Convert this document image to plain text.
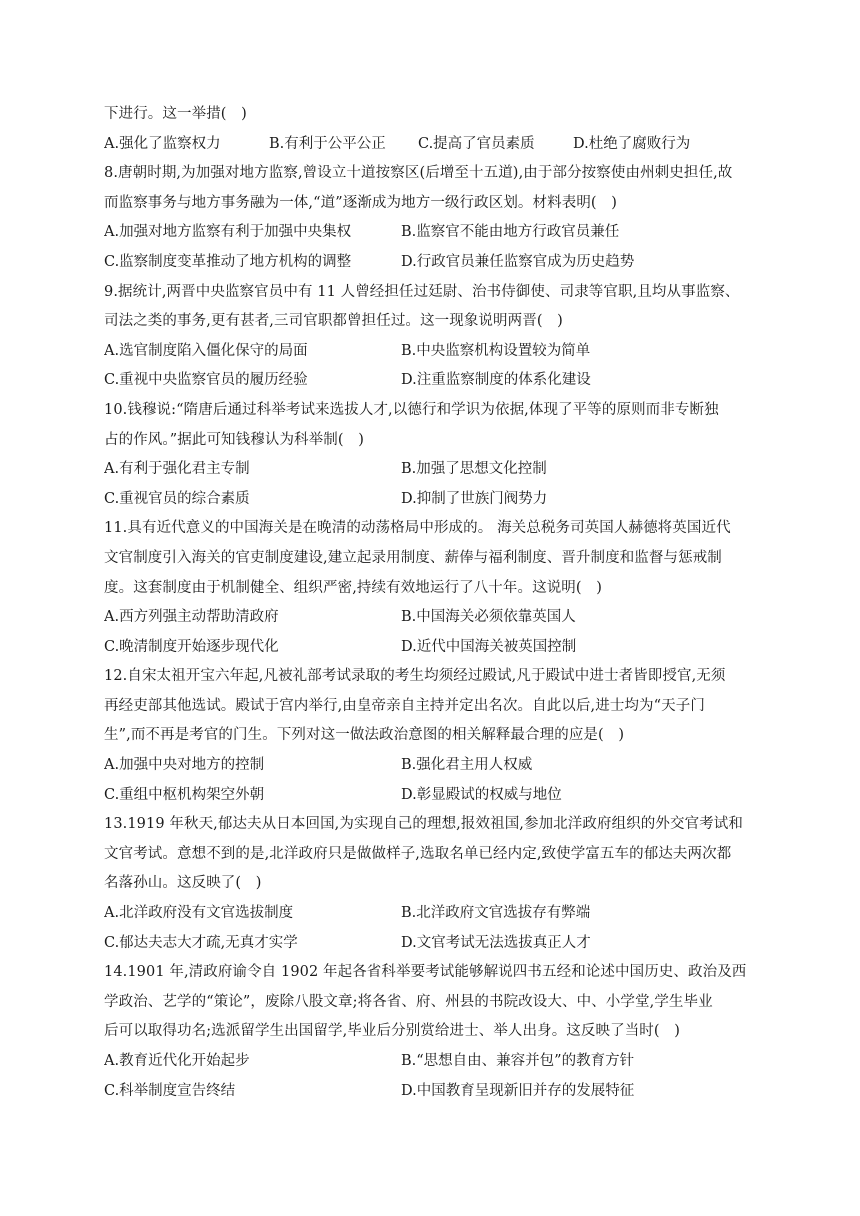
下进行。这一举措(　)
A.强化了监察权力	B.有利于公平公正	C.提高了官员素质	D.杜绝了腐败行为
8.唐朝时期,为加强对地方监察,曾设立十道按察区(后增至十五道),由于部分按察使由州刺史担任,故
而监察事务与地方事务融为一体,“道”逐渐成为地方一级行政区划。材料表明(　)
A.加强对地方监察有利于加强中央集权	B.监察官不能由地方行政官员兼任
C.监察制度变革推动了地方机构的调整	D.行政官员兼任监察官成为历史趋势
9.据统计,两晋中央监察官员中有 11 人曾经担任过廷尉、治书侍御使、司隶等官职,且均从事监察、
司法之类的事务,更有甚者,三司官职都曾担任过。这一现象说明两晋(　)
A.选官制度陷入僵化保守的局面	B.中央监察机构设置较为简单
C.重视中央监察官员的履历经验	D.注重监察制度的体系化建设
10.钱穆说:“隋唐后通过科举考试来选拔人才,以德行和学识为依据,体现了平等的原则而非专断独
占的作风。”据此可知钱穆认为科举制(　)
A.有利于强化君主专制	B.加强了思想文化控制
C.重视官员的综合素质	D.抑制了世族门阀势力
11.具有近代意义的中国海关是在晚清的动荡格局中形成的。 海关总税务司英国人赫德将英国近代
文官制度引入海关的官吏制度建设,建立起录用制度、薪俸与福利制度、晋升制度和监督与惩戒制
度。这套制度由于机制健全、组织严密,持续有效地运行了八十年。这说明(　)
A.西方列强主动帮助清政府	B.中国海关必须依靠英国人
C.晚清制度开始逐步现代化	D.近代中国海关被英国控制
12.自宋太祖开宝六年起,凡被礼部考试录取的考生均须经过殿试,凡于殿试中进士者皆即授官,无须
再经吏部其他选试。殿试于宫内举行,由皇帝亲自主持并定出名次。自此以后,进士均为“天子门
生”,而不再是考官的门生。下列对这一做法政治意图的相关解释最合理的应是(　)
A.加强中央对地方的控制	B.强化君主用人权威
C.重组中枢机构架空外朝	D.彰显殿试的权威与地位
13.1919 年秋天,郁达夫从日本回国,为实现自己的理想,报效祖国,参加北洋政府组织的外交官考试和
文官考试。意想不到的是,北洋政府只是做做样子,选取名单已经内定,致使学富五车的郁达夫两次都
名落孙山。这反映了(　)
A.北洋政府没有文官选拔制度	B.北洋政府文官选拔存有弊端
C.郁达夫志大才疏,无真才实学	D.文官考试无法选拔真正人才
14.1901 年,清政府谕令自 1902 年起各省科举要考试能够解说四书五经和论述中国历史、政治及西
学政治、艺学的“策论”，废除八股文章;将各省、府、州县的书院改设大、中、小学堂,学生毕业
后可以取得功名;选派留学生出国留学,毕业后分别赏给进士、举人出身。这反映了当时(　)
A.教育近代化开始起步	B.“思想自由、兼容并包”的教育方针
C.科举制度宣告终结	D.中国教育呈现新旧并存的发展特征
